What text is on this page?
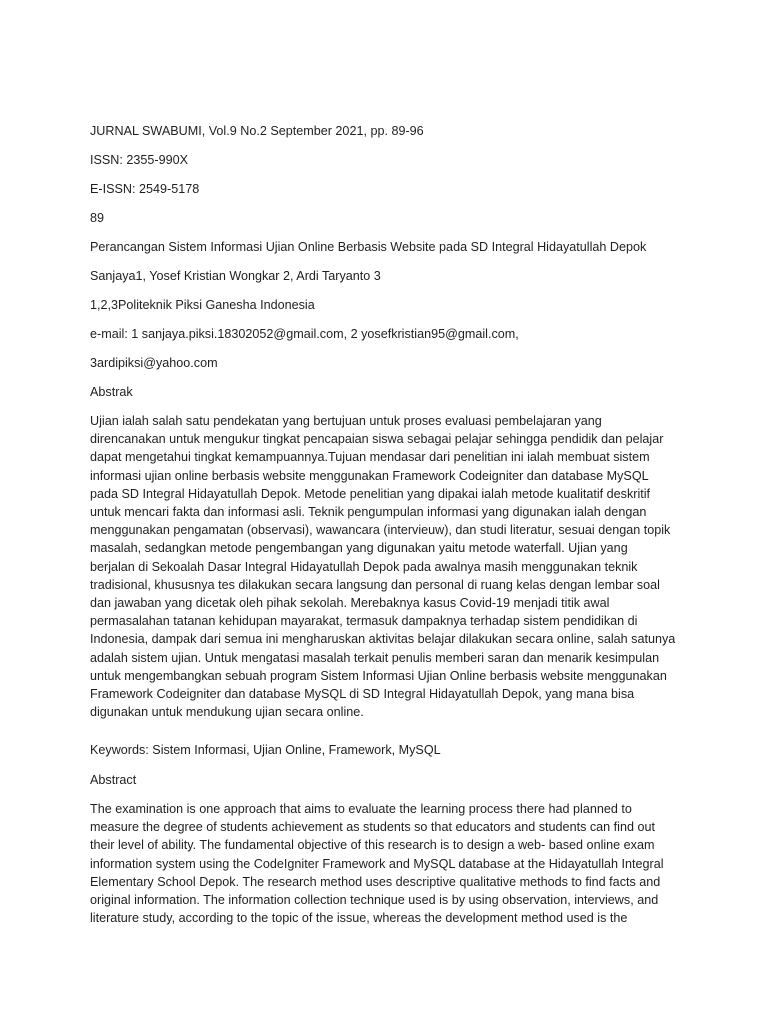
JURNAL SWABUMI, Vol.9 No.2 September 2021, pp. 89-96
ISSN: 2355-990X
E-ISSN: 2549-5178
89
Perancangan Sistem Informasi Ujian Online Berbasis Website pada SD Integral Hidayatullah Depok
Sanjaya1, Yosef Kristian Wongkar 2, Ardi Taryanto 3
1,2,3Politeknik Piksi Ganesha Indonesia
e-mail: 1 sanjaya.piksi.18302052@gmail.com, 2 yosefkristian95@gmail.com,
3ardipiksi@yahoo.com
Abstrak
Ujian ialah salah satu pendekatan yang bertujuan untuk proses evaluasi pembelajaran yang
direncanakan untuk mengukur tingkat pencapaian siswa sebagai pelajar sehingga pendidik dan pelajar
dapat mengetahui tingkat kemampuannya.Tujuan mendasar dari penelitian ini ialah membuat sistem
informasi ujian online berbasis website menggunakan Framework Codeigniter dan database MySQL
pada SD Integral Hidayatullah Depok. Metode penelitian yang dipakai ialah metode kualitatif deskritif
untuk mencari fakta dan informasi asli. Teknik pengumpulan informasi yang digunakan ialah dengan
menggunakan pengamatan (observasi), wawancara (intervieuw), dan studi literatur, sesuai dengan topik
masalah, sedangkan metode pengembangan yang digunakan yaitu metode waterfall. Ujian yang
berjalan di Sekoalah Dasar Integral Hidayatullah Depok pada awalnya masih menggunakan teknik
tradisional, khususnya tes dilakukan secara langsung dan personal di ruang kelas dengan lembar soal
dan jawaban yang dicetak oleh pihak sekolah. Merebaknya kasus Covid-19 menjadi titik awal
permasalahan tatanan kehidupan mayarakat, termasuk dampaknya terhadap sistem pendidikan di
Indonesia, dampak dari semua ini mengharuskan aktivitas belajar dilakukan secara online, salah satunya
adalah sistem ujian. Untuk mengatasi masalah terkait penulis memberi saran dan menarik kesimpulan
untuk mengembangkan sebuah program Sistem Informasi Ujian Online berbasis website menggunakan
Framework Codeigniter dan database MySQL di SD Integral Hidayatullah Depok, yang mana bisa
digunakan untuk mendukung ujian secara online.
Keywords: Sistem Informasi, Ujian Online, Framework, MySQL
Abstract
The examination is one approach that aims to evaluate the learning process there had planned to
measure the degree of students achievement as students so that educators and students can find out
their level of ability. The fundamental objective of this research is to design a web- based online exam
information system using the CodeIgniter Framework and MySQL database at the Hidayatullah Integral
Elementary School Depok. The research method uses descriptive qualitative methods to find facts and
original information. The information collection technique used is by using observation, interviews, and
literature study, according to the topic of the issue, whereas the development method used is the
